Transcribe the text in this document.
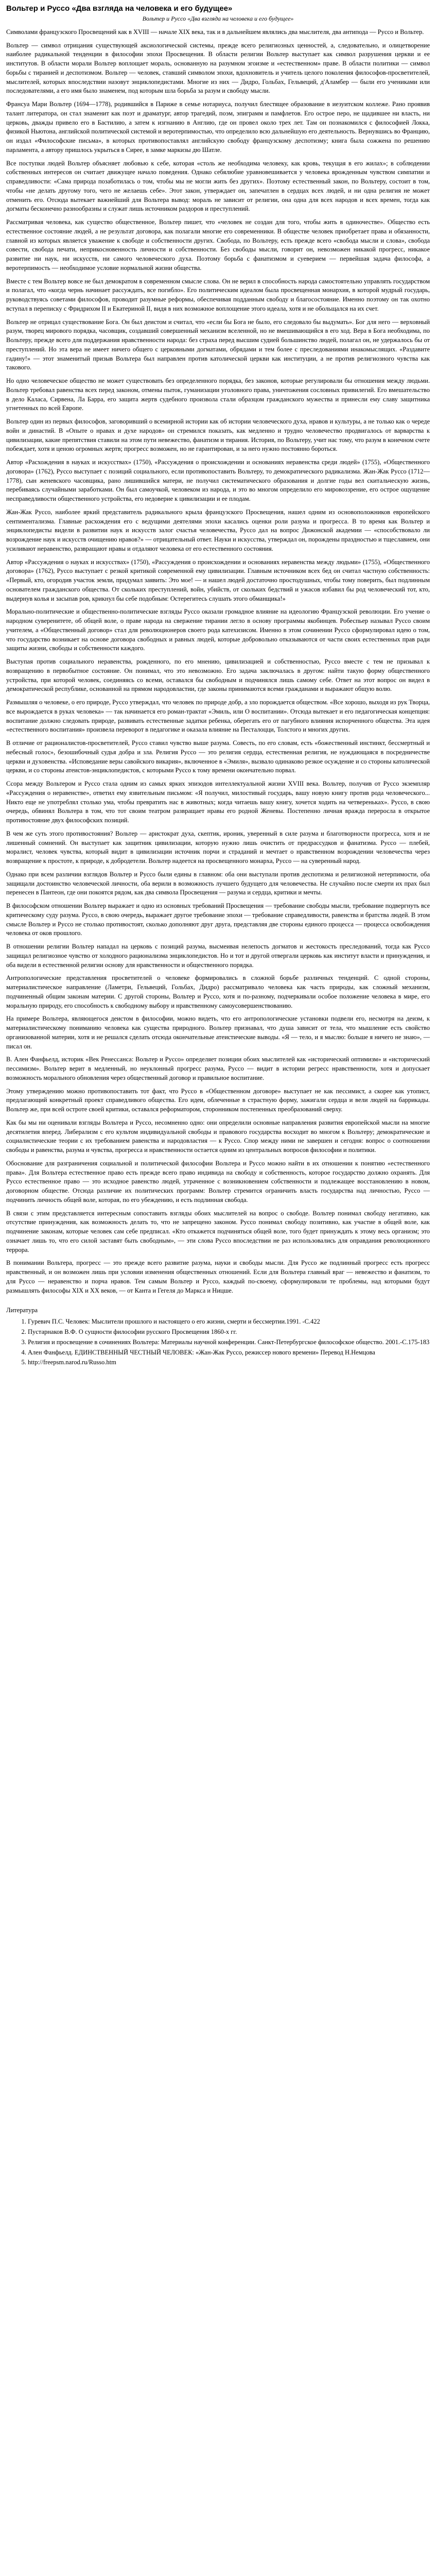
Вольтер и Руссо «Два взгляда на человека и его будущее»
Вольтер и Руссо «Два взгляда на человека и его будущее»

Символами французского Просвещений как в XVIII — начале XIX века, так и в дальнейшем являлись два мыслителя, два антипода — Руссо и Вольтер.

Вольтер — символ отрицания существующей аксиологической системы, прежде всего религиозных ценностей, а, следовательно, и олицетворение наиболее радикальной тенденции в философии эпохи Просвещения. В области религии Вольтер выступает как символ разрушения церкви и ее институтов. В области морали Вольтер воплощает мораль, основанную на разумном эгоизме и «естественном» праве. В области политики — символ борьбы с тиранией и деспотизмом. Вольтер — человек, ставший символом эпохи, вдохновитель и учитель целого поколения философов-просветителей, мыслителей, которых впоследствии назовут энциклопедистами. Многие из них — Дидро, Гольбах, Гельвеций, д'Аламбер — были его учениками или последователями, а его имя было знаменем, под которым шла борьба за разум и свободу мысли.

Франсуа Мари Вольтер (1694—1778), родившийся в Париже в семье нотариуса, получил блестящее образование в иезуитском коллеже. Рано проявив талант литератора, он стал знаменит как поэт и драматург, автор трагедий, поэм, эпиграмм и памфлетов. Его острое перо, не щадившее ни власть, ни церковь, дважды привело его в Бастилию, а затем к изгнанию в Англию, где он провел около трех лет. Там он познакомился с философией Локка, физикой Ньютона, английской политической системой и веротерпимостью, что определило всю дальнейшую его деятельность. Вернувшись во Францию, он издал «Философские письма», в которых противопоставлял английскую свободу французскому деспотизму; книга была сожжена по решению парламента, а автору пришлось укрыться в Сирее, в замке маркизы дю Шатле.

Все поступки людей Вольтер объясняет любовью к себе, которая «столь же необходима человеку, как кровь, текущая в его жилах»; в соблюдении собственных интересов он считает движущее начало поведения. Однако себялюбие уравновешивается у человека врожденным чувством симпатии и справедливости: «Сама природа позаботилась о том, чтобы мы не могли жить без других». Поэтому естественный закон, по Вольтеру, состоит в том, чтобы «не делать другому того, чего не желаешь себе». Этот закон, утверждает он, запечатлен в сердцах всех людей, и ни одна религия не может отменить его. Отсюда вытекает важнейший для Вольтера вывод: мораль не зависит от религии, она одна для всех народов и всех времен, тогда как догматы бесконечно разнообразны и служат лишь источником раздоров и преступлений.

Рассматривая человека, как существо общественное, Вольтер пишет, что «человек не создан для того, чтобы жить в одиночестве». Общество есть естественное состояние людей, а не результат договора, как полагали многие его современники. В обществе человек приобретает права и обязанности, главной из которых является уважение к свободе и собственности других. Свобода, по Вольтеру, есть прежде всего «свобода мысли и слова», свобода совести, свобода печати, неприкосновенность личности и собственности. Без свободы мысли, говорит он, невозможен никакой прогресс, никакое развитие ни наук, ни искусств, ни самого человеческого духа. Поэтому борьба с фанатизмом и суеверием — первейшая задача философа, а веротерпимость — необходимое условие нормальной жизни общества.

Вместе с тем Вольтер вовсе не был демократом в современном смысле слова. Он не верил в способность народа самостоятельно управлять государством и полагал, что «когда чернь начинает рассуждать, все погибло». Его политическим идеалом была просвещенная монархия, в которой мудрый государь, руководствуясь советами философов, проводит разумные реформы, обеспечивая подданным свободу и благосостояние. Именно поэтому он так охотно вступал в переписку с Фридрихом II и Екатериной II, видя в них возможное воплощение этого идеала, хотя и не обольщался на их счет.

Вольтер не отрицал существование Бога. Он был деистом и считал, что «если бы Бога не было, его следовало бы выдумать». Бог для него — верховный разум, творец мирового порядка, часовщик, создавший совершенный механизм вселенной, но не вмешивающийся в его ход. Вера в Бога необходима, по Вольтеру, прежде всего для поддержания нравственности народа: без страха перед высшим судией большинство людей, полагал он, не удержалось бы от преступлений. Но эта вера не имеет ничего общего с церковными догматами, обрядами и тем более с преследованиями инакомыслящих. «Раздавите гадину!» — этот знаменитый призыв Вольтера был направлен против католической церкви как институции, а не против религиозного чувства как такового.

Но одно человеческое общество не может существовать без определенного порядка, без законов, которые регулировали бы отношения между людьми. Вольтер требовал равенства всех перед законом, отмены пыток, гуманизации уголовного права, уничтожения сословных привилегий. Его вмешательство в дело Каласа, Сирвена, Ла Барра, его защита жертв судебного произвола стали образцом гражданского мужества и принесли ему славу защитника угнетенных по всей Европе.

Вольтер один из первых философов, заговоривший о всемирной истории как об истории человеческого духа, нравов и культуры, а не только как о череде войн и династий. В «Опыте о нравах и духе народов» он стремился показать, как медленно и трудно человечество продвигалось от варварства к цивилизации, какие препятствия ставили на этом пути невежество, фанатизм и тирания. История, по Вольтеру, учит нас тому, что разум в конечном счете побеждает, хотя и ценою огромных жертв; прогресс возможен, но не гарантирован, и за него нужно постоянно бороться.

Автор «Расхождения в науках и искусствах» (1750), «Рассуждения о происхождении и основаниях неравенства среди людей» (1755), «Общественного договора» (1762), Руссо выступает с позиций социального, если противопоставить Вольтеру, то демократического радикализма. Жан-Жак Руссо (1712—1778), сын женевского часовщика, рано лишившийся матери, не получил систематического образования и долгие годы вел скитальческую жизнь, перебиваясь случайными заработками. Он был самоучкой, человеком из народа, и это во многом определило его мировоззрение, его острое ощущение несправедливости общественного устройства, его недоверие к цивилизации и ее плодам.

Жан-Жак Руссо, наиболее яркий представитель радикального крыла французского Просвещения, нашел одним из основоположников европейского сентиментализма. Главные расхождения его с ведущими деятелями эпохи касались оценки роли разума и прогресса. В то время как Вольтер и энциклопедисты видели в развитии наук и искусств залог счастья человечества, Руссо дал на вопрос Дижонской академии — «способствовало ли возрождение наук и искусств очищению нравов?» — отрицательный ответ. Науки и искусства, утверждал он, порождены праздностью и тщеславием, они усиливают неравенство, развращают нравы и отдаляют человека от его естественного состояния.

Автор «Рассуждения о науках и искусствах» (1750), «Рассуждения о происхождении и основаниях неравенства между людьми» (1755), «Общественного договора» (1762), Руссо выступает с резкой критикой современной ему цивилизации. Главным источником всех бед он считал частную собственность: «Первый, кто, огородив участок земли, придумал заявить: Это мое! — и нашел людей достаточно простодушных, чтобы тому поверить, был подлинным основателем гражданского общества. От скольких преступлений, войн, убийств, от скольких бедствий и ужасов избавил бы род человеческий тот, кто, выдернув колья и засыпав ров, крикнул бы себе подобным: Остерегитесь слушать этого обманщика!»

Морально-политические и общественно-политические взгляды Руссо оказали громадное влияние на идеологию Французской революции. Его учение о народном суверенитете, об общей воле, о праве народа на свержение тирании легло в основу программы якобинцев. Робеспьер называл Руссо своим учителем, а «Общественный договор» стал для революционеров своего рода катехизисом. Именно в этом сочинении Руссо сформулировал идею о том, что государство возникает на основе договора свободных и равных людей, которые добровольно отказываются от части своих естественных прав ради защиты жизни, свободы и собственности каждого.

Выступая против социального неравенства, рожденного, по его мнению, цивилизацией и собственностью, Руссо вместе с тем не призывал к возвращению в первобытное состояние. Он понимал, что это невозможно. Его задача заключалась в другом: найти такую форму общественного устройства, при которой человек, соединяясь со всеми, оставался бы свободным и подчинялся лишь самому себе. Ответ на этот вопрос он видел в демократической республике, основанной на прямом народовластии, где законы принимаются всеми гражданами и выражают общую волю.

Размышляя о человеке, о его природе, Руссо утверждал, что человек по природе добр, а зло порождается обществом. «Все хорошо, выходя из рук Творца, все вырождается в руках человека» — так начинается его роман-трактат «Эмиль, или О воспитании». Отсюда вытекает и его педагогическая концепция: воспитание должно следовать природе, развивать естественные задатки ребенка, оберегать его от пагубного влияния испорченного общества. Эта идея «естественного воспитания» произвела переворот в педагогике и оказала влияние на Песталоцци, Толстого и многих других.

В отличие от рационалистов-просветителей, Руссо ставил чувство выше разума. Совесть, по его словам, есть «божественный инстинкт, бессмертный и небесный голос», безошибочный судья добра и зла. Религия Руссо — это религия сердца, естественная религия, не нуждающаяся в посредничестве церкви и духовенства. «Исповедание веры савойского викария», включенное в «Эмиля», вызвало одинаково резкое осуждение и со стороны католической церкви, и со стороны атеистов-энциклопедистов, с которыми Руссо к тому времени окончательно порвал.

Ссора между Вольтером и Руссо стала одним из самых ярких эпизодов интеллектуальной жизни XVIII века. Вольтер, получив от Руссо экземпляр «Рассуждения о неравенстве», ответил ему язвительным письмом: «Я получил, милостивый государь, вашу новую книгу против рода человеческого... Никто еще не употреблял столько ума, чтобы превратить нас в животных; когда читаешь вашу книгу, хочется ходить на четвереньках». Руссо, в свою очередь, обвинял Вольтера в том, что тот своим театром развращает нравы его родной Женевы. Постепенно личная вражда переросла в открытое противостояние двух философских позиций.

В чем же суть этого противостояния? Вольтер — аристократ духа, скептик, ироник, уверенный в силе разума и благотворности прогресса, хотя и не лишенный сомнений. Он выступает как защитник цивилизации, которую нужно лишь очистить от предрассудков и фанатизма. Руссо — плебей, моралист, человек чувства, который видит в цивилизации источник порчи и страданий и мечтает о нравственном возрождении человечества через возвращение к простоте, к природе, к добродетели. Вольтер надеется на просвещенного монарха, Руссо — на суверенный народ.

Однако при всем различии взглядов Вольтер и Руссо были едины в главном: оба они выступали против деспотизма и религиозной нетерпимости, оба защищали достоинство человеческой личности, оба верили в возможность лучшего будущего для человечества. Не случайно после смерти их прах был перенесен в Пантеон, где они покоятся рядом, как два символа Просвещения — разума и сердца, критики и мечты.

В философском отношении Вольтер выражает и одно из основных требований Просвещения — требование свободы мысли, требование подвергнуть все критическому суду разума. Руссо, в свою очередь, выражает другое требование эпохи — требование справедливости, равенства и братства людей. В этом смысле Вольтер и Руссо не столько противостоят, сколько дополняют друг друга, представляя две стороны единого процесса — процесса освобождения человека от оков прошлого.

В отношении религии Вольтер нападал на церковь с позиций разума, высмеивая нелепость догматов и жестокость преследований, тогда как Руссо защищал религиозное чувство от холодного рационализма энциклопедистов. Но и тот и другой отвергали церковь как институт власти и принуждения, и оба видели в естественной религии основу для нравственности и общественного порядка.

Антропологические представления просветителей о человеке формировались в сложной борьбе различных тенденций. С одной стороны, материалистическое направление (Ламетри, Гельвеций, Гольбах, Дидро) рассматривало человека как часть природы, как сложный механизм, подчиненный общим законам материи. С другой стороны, Вольтер и Руссо, хотя и по-разному, подчеркивали особое положение человека в мире, его моральную природу, его способность к свободному выбору и нравственному самоусовершенствованию.

На примере Вольтера, являющегося деистом в философии, можно видеть, что его антропологические установки подвели его, несмотря на деизм, к материалистическому пониманию человека как существа природного. Вольтер признавал, что душа зависит от тела, что мышление есть свойство организованной материи, хотя и не решался сделать отсюда окончательные атеистические выводы. «Я — тело, и я мыслю: больше я ничего не знаю», — писал он.

В. Ален Фанфьелд, историк «Век Ренессанса: Вольтер и Руссо» определяет позиции обоих мыслителей как «исторический оптимизм» и «исторический пессимизм». Вольтер верит в медленный, но неуклонный прогресс разума, Руссо — видит в истории регресс нравственности, хотя и допускает возможность морального обновления через общественный договор и правильное воспитание.

Этому утверждению можно противопоставить тот факт, что Руссо в «Общественном договоре» выступает не как пессимист, а скорее как утопист, предлагающий конкретный проект справедливого общества. Его идеи, облеченные в страстную форму, зажигали сердца и вели людей на баррикады. Вольтер же, при всей остроте своей критики, оставался реформатором, сторонником постепенных преобразований сверху.

Как бы мы ни оценивали взгляды Вольтера и Руссо, несомненно одно: они определили основные направления развития европейской мысли на многие десятилетия вперед. Либерализм с его культом индивидуальной свободы и правового государства восходит во многом к Вольтеру; демократические и социалистические теории с их требованием равенства и народовластия — к Руссо. Спор между ними не завершен и сегодня: вопрос о соотношении свободы и равенства, разума и чувства, прогресса и нравственности остается одним из центральных вопросов философии и политики.

Обоснование для разграничения социальной и политической философии Вольтера и Руссо можно найти в их отношении к понятию «естественного права». Для Вольтера естественное право есть прежде всего право индивида на свободу и собственность, которое государство должно охранять. Для Руссо естественное право — это исходное равенство людей, утраченное с возникновением собственности и подлежащее восстановлению в новом, договорном обществе. Отсюда различие их политических программ: Вольтер стремится ограничить власть государства над личностью, Руссо — подчинить личность общей воле, которая, по его убеждению, и есть подлинная свобода.

В связи с этим представляется интересным сопоставить взгляды обоих мыслителей на вопрос о свободе. Вольтер понимал свободу негативно, как отсутствие принуждения, как возможность делать то, что не запрещено законом. Руссо понимал свободу позитивно, как участие в общей воле, как подчинение законам, которые человек сам себе предписал. «Кто откажется подчиняться общей воле, того будет принуждать к этому весь организм; это означает лишь то, что его силой заставят быть свободным», — эти слова Руссо впоследствии не раз использовались для оправдания революционного террора.

В понимании Вольтера, прогресс — это прежде всего развитие разума, науки и свободы мысли. Для Руссо же подлинный прогресс есть прогресс нравственный, и он возможен лишь при условии изменения общественных отношений. Если для Вольтера главный враг — невежество и фанатизм, то для Руссо — неравенство и порча нравов. Тем самым Вольтер и Руссо, каждый по-своему, сформулировали те проблемы, над которыми будут размышлять философы XIX и XX веков, — от Канта и Гегеля до Маркса и Ницше.

Литература
1. Гуревич П.С. Человек: Мыслители прошлого и настоящего о его жизни, смерти и бессмертии.1991. -С.422
2. Пустарнаков В.Ф. О сущности философии русского Просвещения 1860-х гг.
3. Религия и просвещение в сочинениях Вольтера: Материалы научной конференции. Санкт-Петербургское философское общество. 2001.-С.175-183
4. Ален Фанфьелд. ЕДИНСТВЕННЫЙ ЧЕСТНЫЙ ЧЕЛОВЕК: «Жан-Жак Руссо, режиссер нового времени» Перевод Н.Немцова
5. http://freepsm.narod.ru/Russo.htm
